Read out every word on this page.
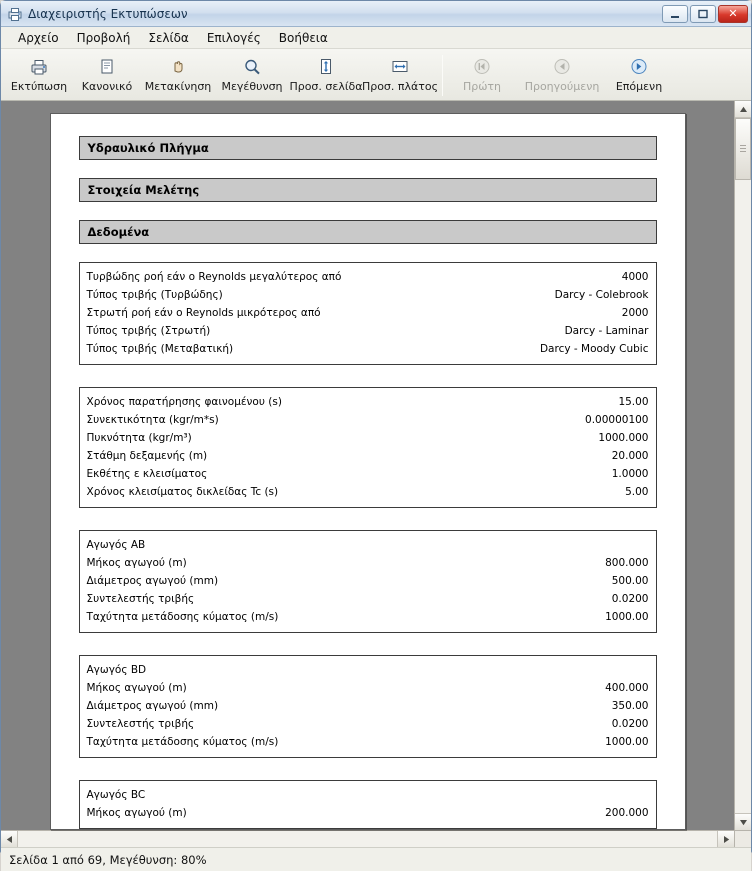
Διαχειριστής Εκτυπώσεων	✕
Αρχείο	Προβολή	Σελίδα	Επιλογές	Βοήθεια
Εκτύπωση Κανονικό Μετακίνηση Μεγέθυνση Προσ. σελίδα Προσ. πλάτος Πρώτη Προηγούμενη Επόμενη
Υδραυλικό Πλήγμα
Στοιχεία Μελέτης
Δεδομένα
Τυρβώδης ροή εάν ο Reynolds μεγαλύτερος από	4000
Τύπος τριβής (Τυρβώδης)	Darcy - Colebrook
Στρωτή ροή εάν ο Reynolds μικρότερος από	2000
Τύπος τριβής (Στρωτή)	Darcy - Laminar
Τύπος τριβής (Μεταβατική)	Darcy - Moody Cubic
Χρόνος παρατήρησης φαινομένου (s)	15.00
Συνεκτικότητα (kgr/m*s)	0.00000100
Πυκνότητα (kgr/m³)	1000.000
Στάθμη δεξαμενής (m)	20.000
Εκθέτης ε κλεισίματος	1.0000
Χρόνος κλεισίματος δικλείδας Tc (s)	5.00
Αγωγός AB
Μήκος αγωγού (m)	800.000
Διάμετρος αγωγού (mm)	500.00
Συντελεστής τριβής	0.0200
Ταχύτητα μετάδοσης κύματος (m/s)	1000.00
Αγωγός BD
Μήκος αγωγού (m)	400.000
Διάμετρος αγωγού (mm)	350.00
Συντελεστής τριβής	0.0200
Ταχύτητα μετάδοσης κύματος (m/s)	1000.00
Αγωγός BC
Μήκος αγωγού (m)	200.000
Σελίδα 1 από 69, Μεγέθυνση: 80%
